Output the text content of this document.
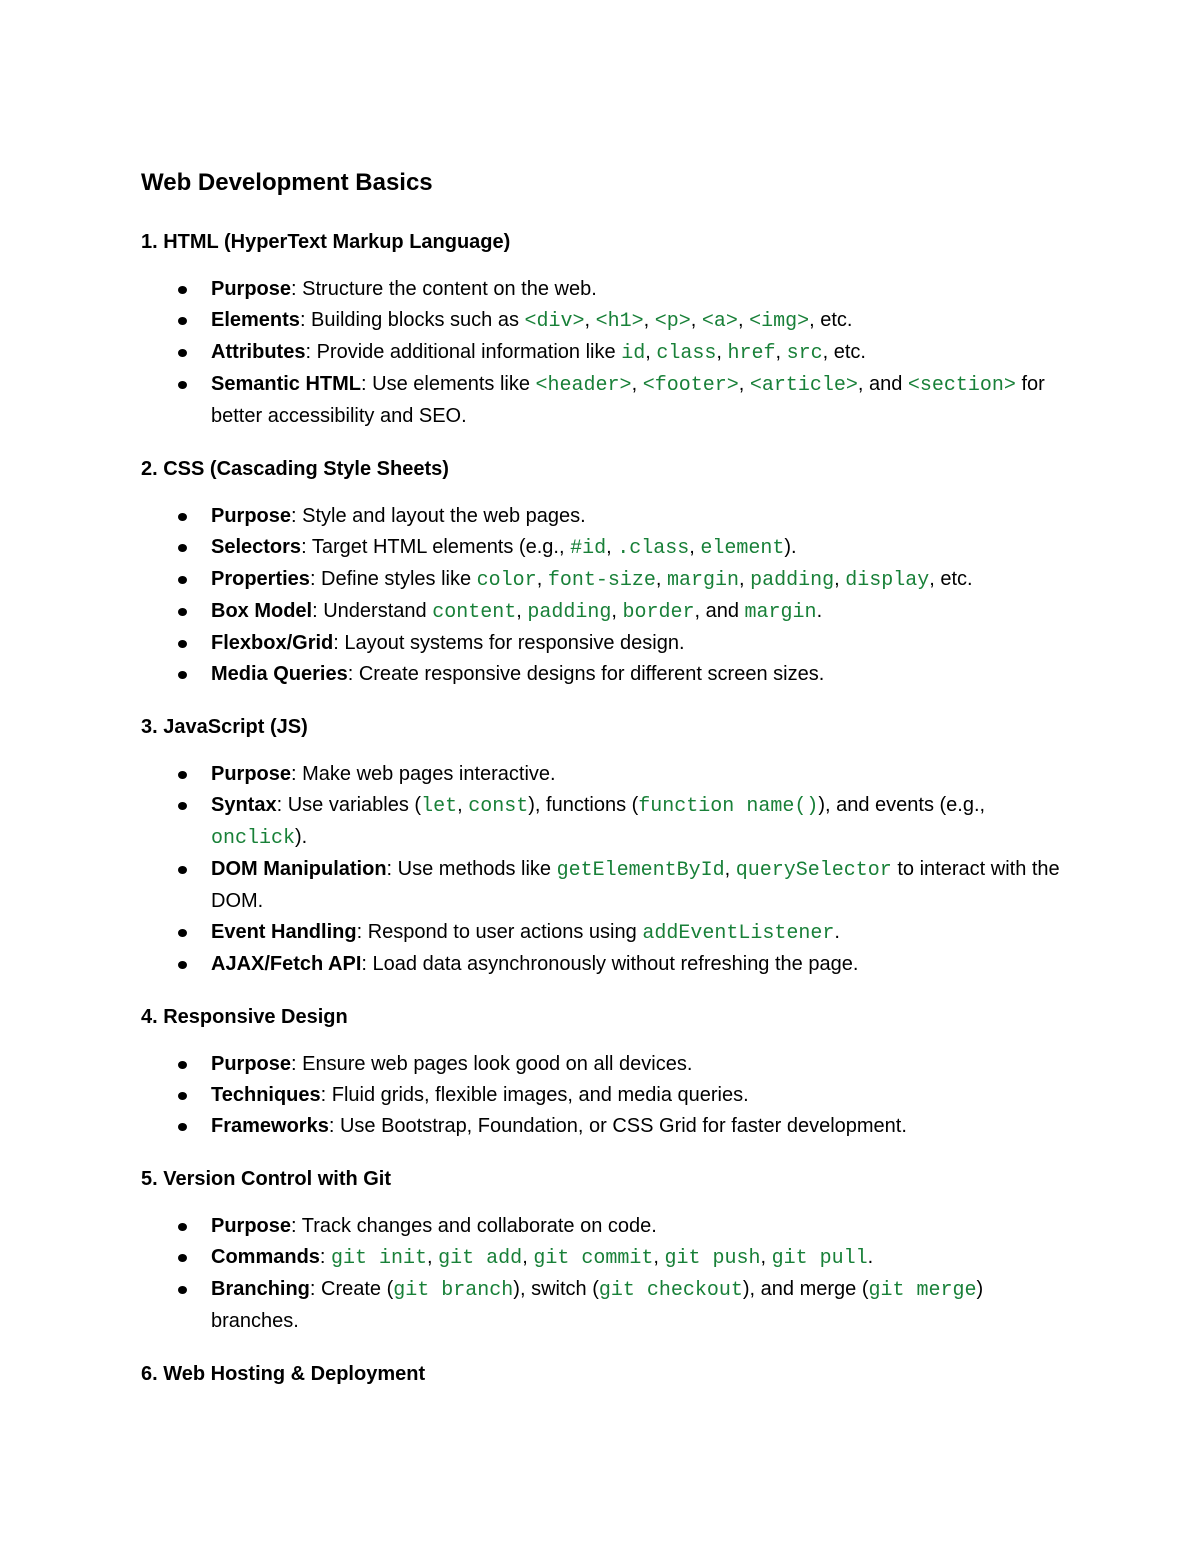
Web Development Basics
1. HTML (HyperText Markup Language)
Purpose: Structure the content on the web.
Elements: Building blocks such as <div>, <h1>, <p>, <a>, <img>, etc.
Attributes: Provide additional information like id, class, href, src, etc.
Semantic HTML: Use elements like <header>, <footer>, <article>, and <section> for better accessibility and SEO.
2. CSS (Cascading Style Sheets)
Purpose: Style and layout the web pages.
Selectors: Target HTML elements (e.g., #id, .class, element).
Properties: Define styles like color, font-size, margin, padding, display, etc.
Box Model: Understand content, padding, border, and margin.
Flexbox/Grid: Layout systems for responsive design.
Media Queries: Create responsive designs for different screen sizes.
3. JavaScript (JS)
Purpose: Make web pages interactive.
Syntax: Use variables (let, const), functions (function name()), and events (e.g., onclick).
DOM Manipulation: Use methods like getElementById, querySelector to interact with the DOM.
Event Handling: Respond to user actions using addEventListener.
AJAX/Fetch API: Load data asynchronously without refreshing the page.
4. Responsive Design
Purpose: Ensure web pages look good on all devices.
Techniques: Fluid grids, flexible images, and media queries.
Frameworks: Use Bootstrap, Foundation, or CSS Grid for faster development.
5. Version Control with Git
Purpose: Track changes and collaborate on code.
Commands: git init, git add, git commit, git push, git pull.
Branching: Create (git branch), switch (git checkout), and merge (git merge) branches.
6. Web Hosting & Deployment
